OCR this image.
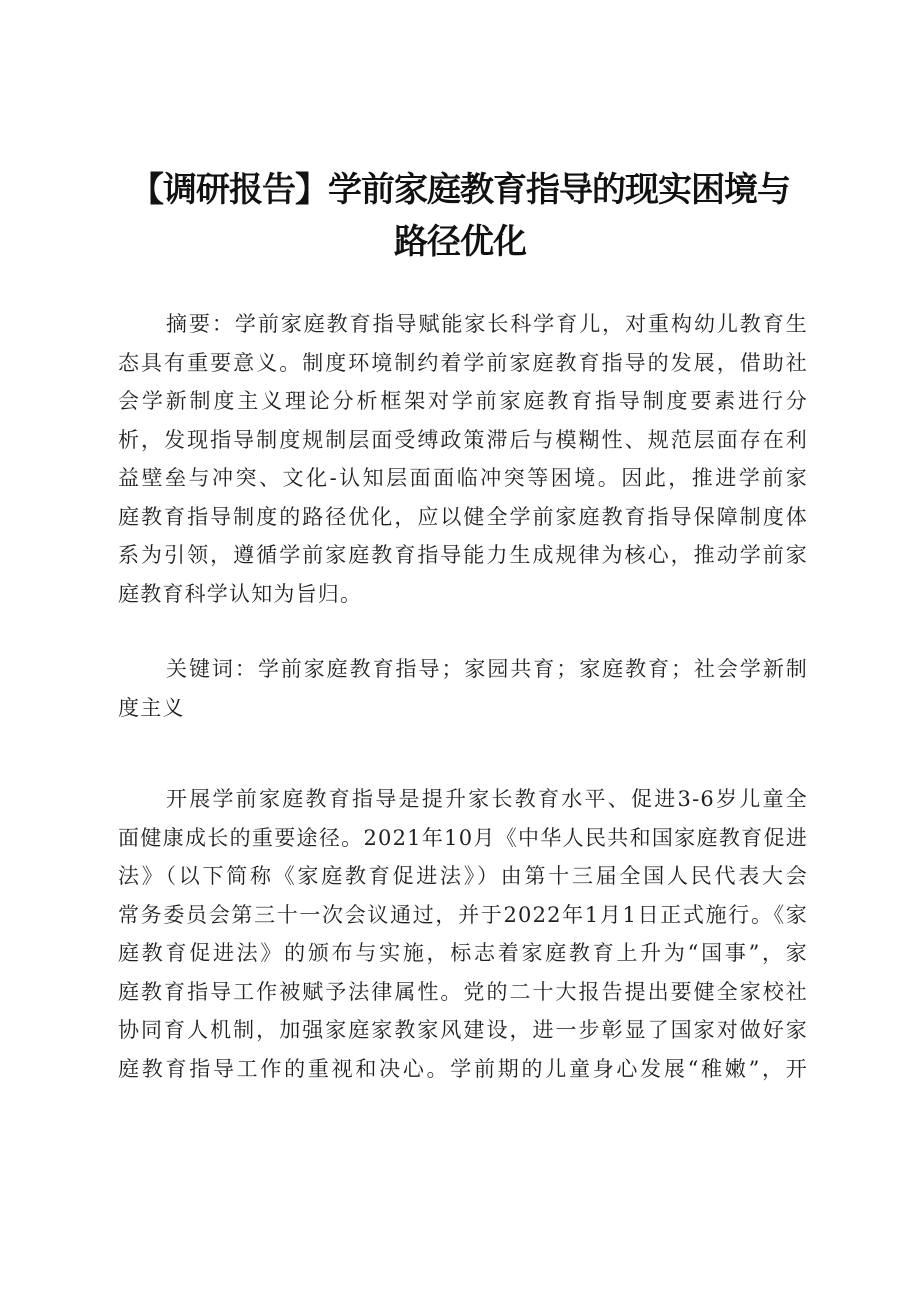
【调研报告】学前家庭教育指导的现实困境与
路径优化
摘要：学前家庭教育指导赋能家长科学育儿，对重构幼儿教育生
态具有重要意义。制度环境制约着学前家庭教育指导的发展，借助社
会学新制度主义理论分析框架对学前家庭教育指导制度要素进行分
析，发现指导制度规制层面受缚政策滞后与模糊性、规范层面存在利
益壁垒与冲突、文化-认知层面面临冲突等困境。因此，推进学前家
庭教育指导制度的路径优化，应以健全学前家庭教育指导保障制度体
系为引领，遵循学前家庭教育指导能力生成规律为核心，推动学前家
庭教育科学认知为旨归。
关键词：学前家庭教育指导；家园共育；家庭教育；社会学新制
度主义
开展学前家庭教育指导是提升家长教育水平、促进3-6岁儿童全
面健康成长的重要途径。2021年10月《中华人民共和国家庭教育促进
法》（以下简称《家庭教育促进法》）由第十三届全国人民代表大会
常务委员会第三十一次会议通过，并于2022年1月1日正式施行。《家
庭教育促进法》的颁布与实施，标志着家庭教育上升为“国事”，家
庭教育指导工作被赋予法律属性。党的二十大报告提出要健全家校社
协同育人机制，加强家庭家教家风建设，进一步彰显了国家对做好家
庭教育指导工作的重视和决心。学前期的儿童身心发展“稚嫩”，开
